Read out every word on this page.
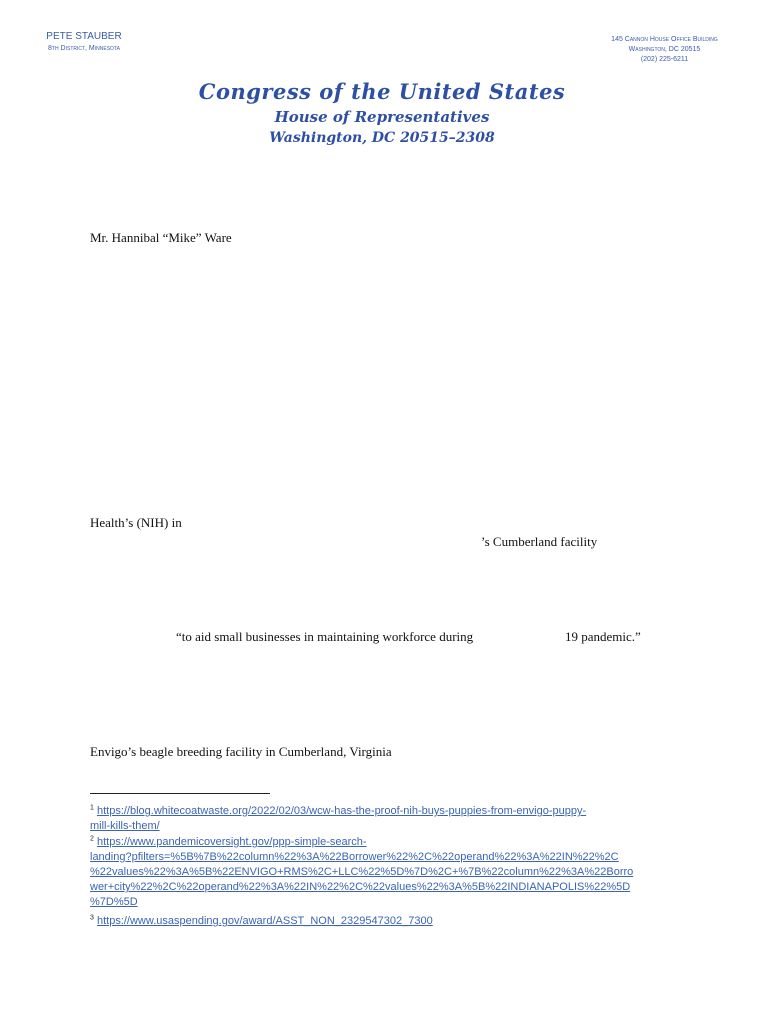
PETE STAUBER
8th District, Minnesota
145 Cannon House Office Building
Washington, DC 20515
(202) 225-6211
Congress of the United States
House of Representatives
Washington, DC 20515–2308
Mr. Hannibal “Mike” Ware
Health’s (NIH) in
’s Cumberland facility
“to aid small businesses in maintaining workforce during	19 pandemic.”
Envigo’s beagle breeding facility in Cumberland, Virginia
$^1$ https://blog.whitecoatwaste.org/2022/02/03/wcw-has-the-proof-nih-buys-puppies-from-envigo-puppy-
mill-kills-them/
$^2$ https://www.pandemicoversight.gov/ppp-simple-search-
landing?pfilters=%5B%7B%22column%22%3A%22Borrower%22%2C%22operand%22%3A%22IN%22%2C
%22values%22%3A%5B%22ENVIGO+RMS%2C+LLC%22%5D%7D%2C+%7B%22column%22%3A%22Borro
wer+city%22%2C%22operand%22%3A%22IN%22%2C%22values%22%3A%5B%22INDIANAPOLIS%22%5D
%7D%5D
$^3$ https://www.usaspending.gov/award/ASST_NON_2329547302_7300
